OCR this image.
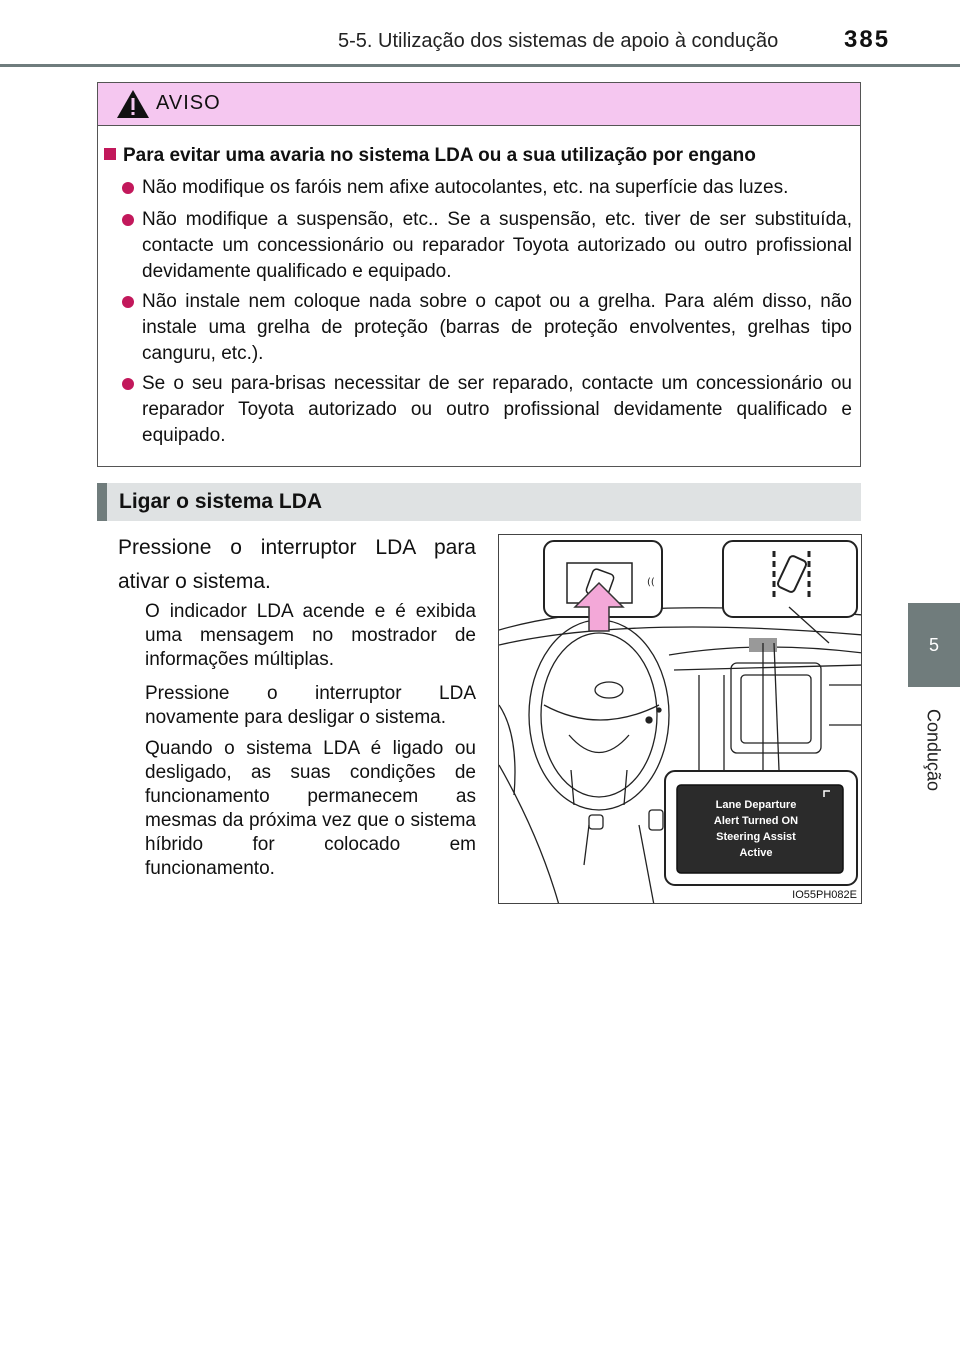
5-5. Utilização dos sistemas de apoio à condução	385
5
Condução
AVISO
Para evitar uma avaria no sistema LDA ou a sua utilização por engano

Não modifique os faróis nem afixe autocolantes, etc. na superfície das luzes.

Não modifique a suspensão, etc.. Se a suspensão, etc. tiver de ser substituída, contacte um concessionário ou reparador Toyota autorizado ou outro profissional devidamente qualificado e equipado.

Não instale nem coloque nada sobre o capot ou a grelha. Para além disso, não instale uma grelha de proteção (barras de proteção envolventes, grelhas tipo canguru, etc.).

Se o seu para-brisas necessitar de ser reparado, contacte um concessionário ou reparador Toyota autorizado ou outro profissional devidamente qualificado e equipado.

Ligar o sistema LDA
Pressione o interruptor LDA para ativar o sistema.
O indicador LDA acende e é exibida uma mensagem no mostrador de informações múltiplas.
Pressione o interruptor LDA novamente para desligar o sistema.
Quando o sistema LDA é ligado ou desligado, as suas condições de funcionamento permanecem as mesmas da próxima vez que o sistema híbrido for colocado em funcionamento.
((
Lane Departure
Alert Turned ON
Steering Assist
Active
IO55PH082E
